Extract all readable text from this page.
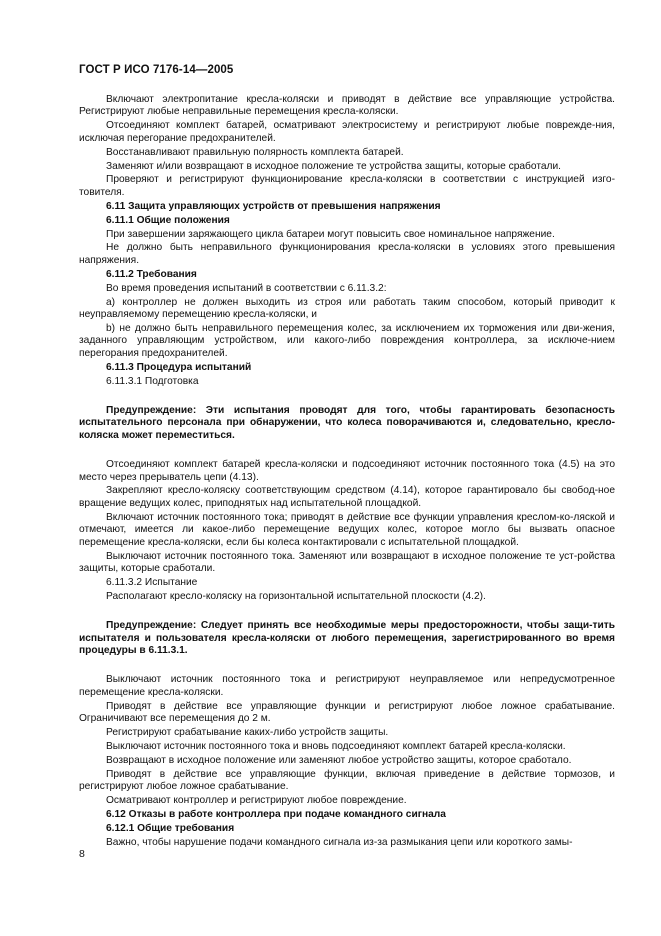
ГОСТ Р ИСО 7176-14—2005

Включают электропитание кресла-коляски и приводят в действие все управляющие устройства. Регистрируют любые неправильные перемещения кресла-коляски.

Отсоединяют комплект батарей, осматривают электросистему и регистрируют любые поврежде-ния, исключая перегорание предохранителей.

Восстанавливают правильную полярность комплекта батарей.

Заменяют и/или возвращают в исходное положение те устройства защиты, которые сработали.

Проверяют и регистрируют функционирование кресла-коляски в соответствии с инструкцией изго-товителя.

6.11 Защита управляющих устройств от превышения напряжения

6.11.1 Общие положения

При завершении заряжающего цикла батареи могут повысить свое номинальное напряжение.

Не должно быть неправильного функционирования кресла-коляски в условиях этого превышения напряжения.

6.11.2 Требования

Во время проведения испытаний в соответствии с 6.11.3.2:

а) контроллер не должен выходить из строя или работать таким способом, который приводит к неуправляемому перемещению кресла-коляски, и

b) не должно быть неправильного перемещения колес, за исключением их торможения или дви-жения, заданного управляющим устройством, или какого-либо повреждения контроллера, за исключе-нием перегорания предохранителей.

6.11.3 Процедура испытаний

6.11.3.1 Подготовка

Предупреждение: Эти испытания проводят для того, чтобы гарантировать безопасность испытательного персонала при обнаружении, что колеса поворачиваются и, следовательно, кресло-коляска может переместиться.

Отсоединяют комплект батарей кресла-коляски и подсоединяют источник постоянного тока (4.5) на это место через прерыватель цепи (4.13).

Закрепляют кресло-коляску соответствующим средством (4.14), которое гарантировало бы свобод-ное вращение ведущих колес, приподнятых над испытательной площадкой.

Включают источник постоянного тока; приводят в действие все функции управления креслом-ко-ляской и отмечают, имеется ли какое-либо перемещение ведущих колес, которое могло бы вызвать опасное перемещение кресла-коляски, если бы колеса контактировали с испытательной площадкой.

Выключают источник постоянного тока. Заменяют или возвращают в исходное положение те уст-ройства защиты, которые сработали.

6.11.3.2 Испытание

Располагают кресло-коляску на горизонтальной испытательной плоскости (4.2).

Предупреждение: Следует принять все необходимые меры предосторожности, чтобы защи-тить испытателя и пользователя кресла-коляски от любого перемещения, зарегистрированного во время процедуры в 6.11.3.1.

Выключают источник постоянного тока и регистрируют неуправляемое или непредусмотренное перемещение кресла-коляски.

Приводят в действие все управляющие функции и регистрируют любое ложное срабатывание. Ограничивают все перемещения до 2 м.

Регистрируют срабатывание каких-либо устройств защиты.

Выключают источник постоянного тока и вновь подсоединяют комплект батарей кресла-коляски.

Возвращают в исходное положение или заменяют любое устройство защиты, которое сработало.

Приводят в действие все управляющие функции, включая приведение в действие тормозов, и регистрируют любое ложное срабатывание.

Осматривают контроллер и регистрируют любое повреждение.

6.12 Отказы в работе контроллера при подаче командного сигнала

6.12.1 Общие требования

Важно, чтобы нарушение подачи командного сигнала из-за размыкания цепи или короткого замы-

8
